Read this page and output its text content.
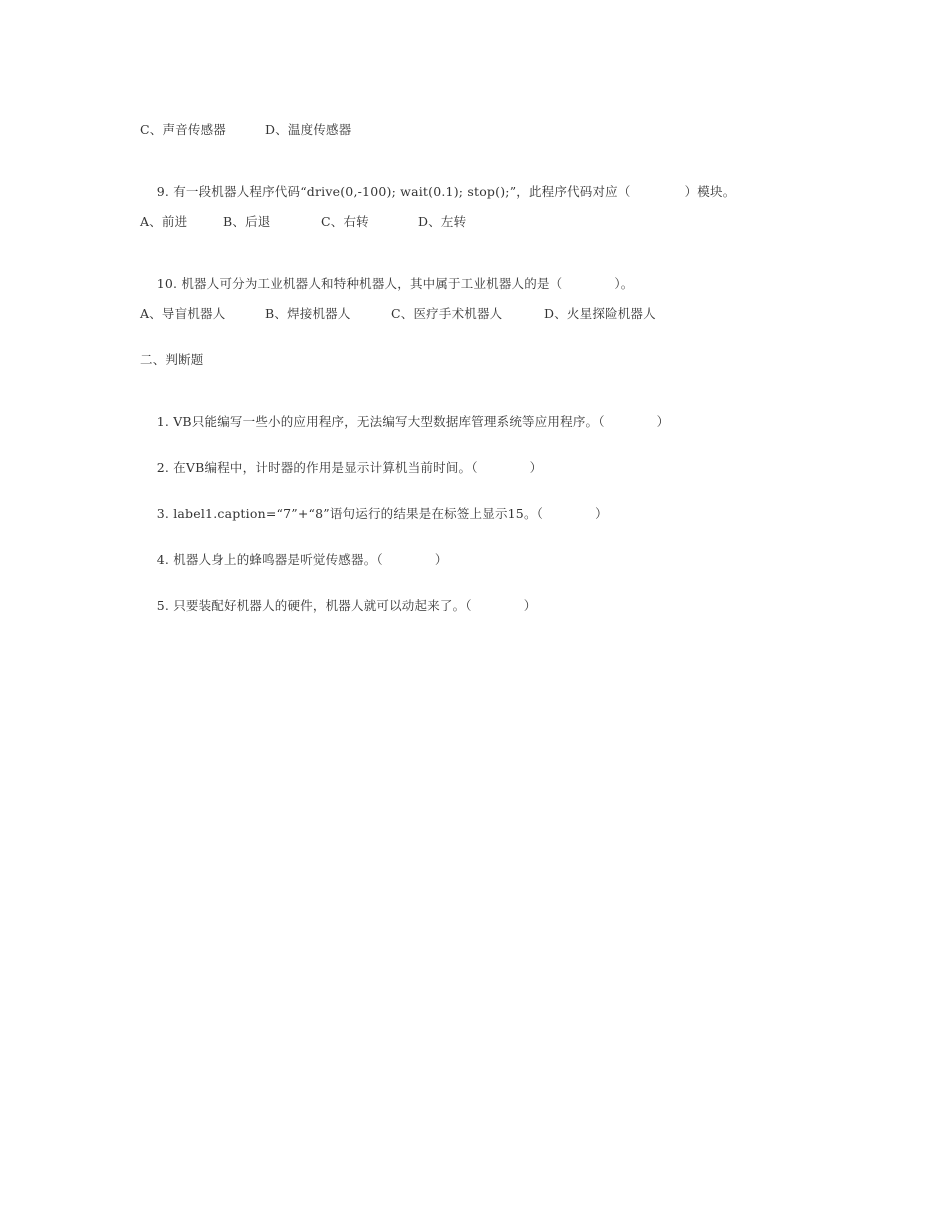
C、声音传感器

	D、温度传感器

9. 有一段机器人程序代码“drive(0,-100); wait(0.1); stop();”，此程序代码对应（	）模块。

A、前进

	B、后退

	C、右转

	D、左转

10. 机器人可分为工业机器人和特种机器人，其中属于工业机器人的是（	）。

A、导盲机器人

	B、焊接机器人

	C、医疗手术机器人

	D、火星探险机器人

二、判断题

1. VB只能编写一些小的应用程序，无法编写大型数据库管理系统等应用程序。（	）

2. 在VB编程中，计时器的作用是显示计算机当前时间。（	）

3. label1.caption=“7”+“8”语句运行的结果是在标签上显示15。（	）

4. 机器人身上的蜂鸣器是听觉传感器。（	）

5. 只要装配好机器人的硬件，机器人就可以动起来了。（	）
